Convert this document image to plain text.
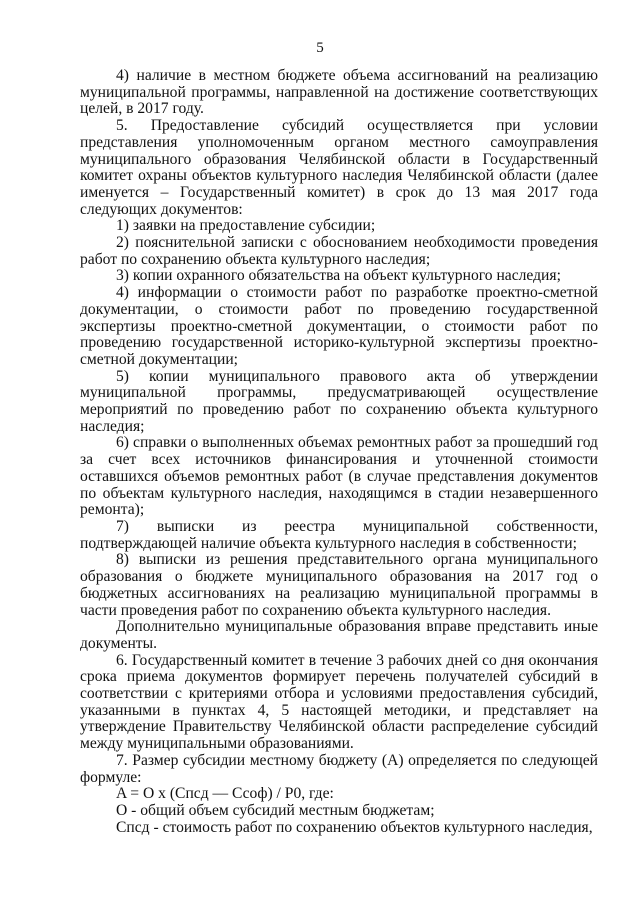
5

4) наличие в местном бюджете объема ассигнований на реализацию муниципальной программы, направленной на достижение соответствующих целей, в 2017 году.

5. Предоставление субсидий осуществляется при условии представления уполномоченным органом местного самоуправления муниципального образования Челябинской области в Государственный комитет охраны объектов культурного наследия Челябинской области (далее именуется – Государственный комитет) в срок до 13 мая 2017 года следующих документов:

1) заявки на предоставление субсидии;

2) пояснительной записки с обоснованием необходимости проведения работ по сохранению объекта культурного наследия;

3) копии охранного обязательства на объект культурного наследия;

4) информации о стоимости работ по разработке проектно-сметной документации, о стоимости работ по проведению государственной экспертизы проектно-сметной документации, о стоимости работ по проведению государственной историко-культурной экспертизы проектно-сметной документации;

5) копии муниципального правового акта об утверждении муниципальной программы, предусматривающей осуществление мероприятий по проведению работ по сохранению объекта культурного наследия;

6) справки о выполненных объемах ремонтных работ за прошедший год за счет всех источников финансирования и уточненной стоимости оставшихся объемов ремонтных работ (в случае представления документов по объектам культурного наследия, находящимся в стадии незавершенного ремонта);

7) выписки из реестра муниципальной собственности, подтверждающей наличие объекта культурного наследия в собственности;

8) выписки из решения представительного органа муниципального образования о бюджете муниципального образования на 2017 год о бюджетных ассигнованиях на реализацию муниципальной программы в части проведения работ по сохранению объекта культурного наследия.

Дополнительно муниципальные образования вправе представить иные документы.

6. Государственный комитет в течение 3 рабочих дней со дня окончания срока приема документов формирует перечень получателей субсидий в соответствии с критериями отбора и условиями предоставления субсидий, указанными в пунктах 4, 5 настоящей методики, и представляет на утверждение Правительству Челябинской области распределение субсидий между муниципальными образованиями.

7. Размер субсидии местному бюджету (А) определяется по следующей формуле:

A = O x (Спсд — Ссоф) / P0, где:

O - общий объем субсидий местным бюджетам;

Спсд - стоимость работ по сохранению объектов культурного наследия,
